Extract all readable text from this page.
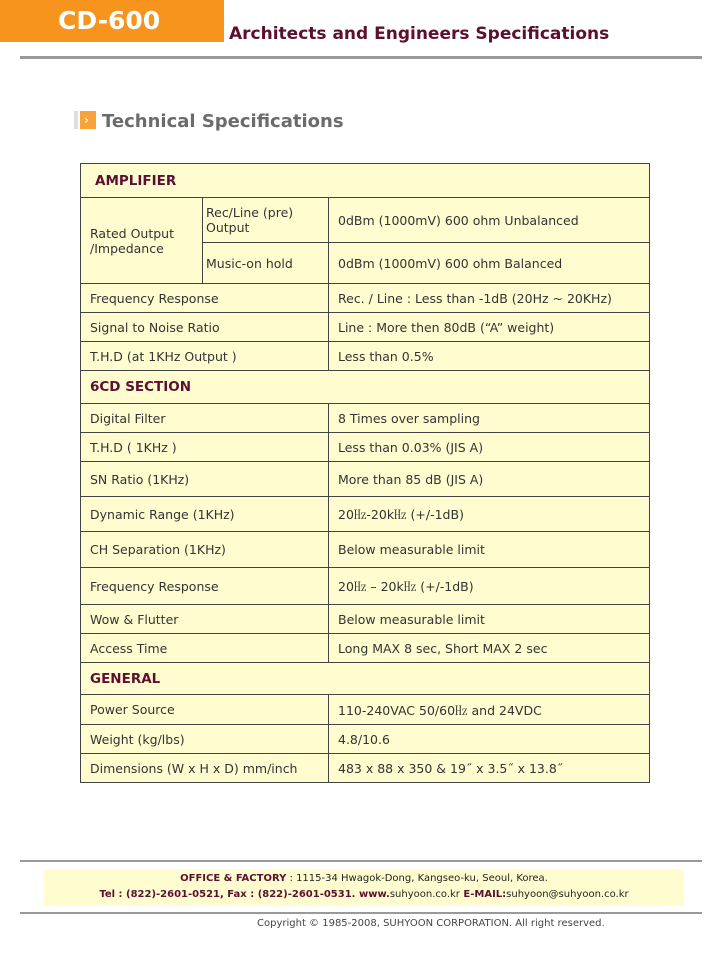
CD-600	Architects and Engineers Specifications
› Technical Specifications
AMPLIFIER		
Rated Output /Impedance	Rec/Line (pre) Output	0dBm (1000mV) 600 ohm Unbalanced
	Music-on hold	0dBm (1000mV) 600 ohm Balanced
Frequency Response		Rec. / Line : Less than -1dB (20Hz ~ 20KHz)
Signal to Noise Ratio		Line : More then 80dB (“A” weight)
T.H.D (at 1KHz Output )		Less than 0.5%
6CD SECTION		
Digital Filter		8 Times over sampling
T.H.D ( 1KHz )		Less than 0.03% (JIS A)
SN Ratio (1KHz)		More than 85 dB (JIS A)
Dynamic Range (1KHz)		20㎐-20k㎐ (+/-1dB)
CH Separation (1KHz)		Below measurable limit
Frequency Response		20㎐ – 20k㎐ (+/-1dB)
Wow & Flutter		Below measurable limit
Access Time		Long MAX 8 sec, Short MAX 2 sec
GENERAL		
Power Source		110-240VAC 50/60㎐ and 24VDC
Weight (kg/lbs)		4.8/10.6
Dimensions (W x H x D) mm/inch		483 x 88 x 350 & 19˝ x 3.5˝ x 13.8˝
OFFICE & FACTORY : 1115-34 Hwagok-Dong, Kangseo-ku, Seoul, Korea.
Tel : (822)-2601-0521, Fax : (822)-2601-0531. www.suhyoon.co.kr E-MAIL:suhyoon@suhyoon.co.kr
Copyright © 1985-2008, SUHYOON CORPORATION. All right reserved.
